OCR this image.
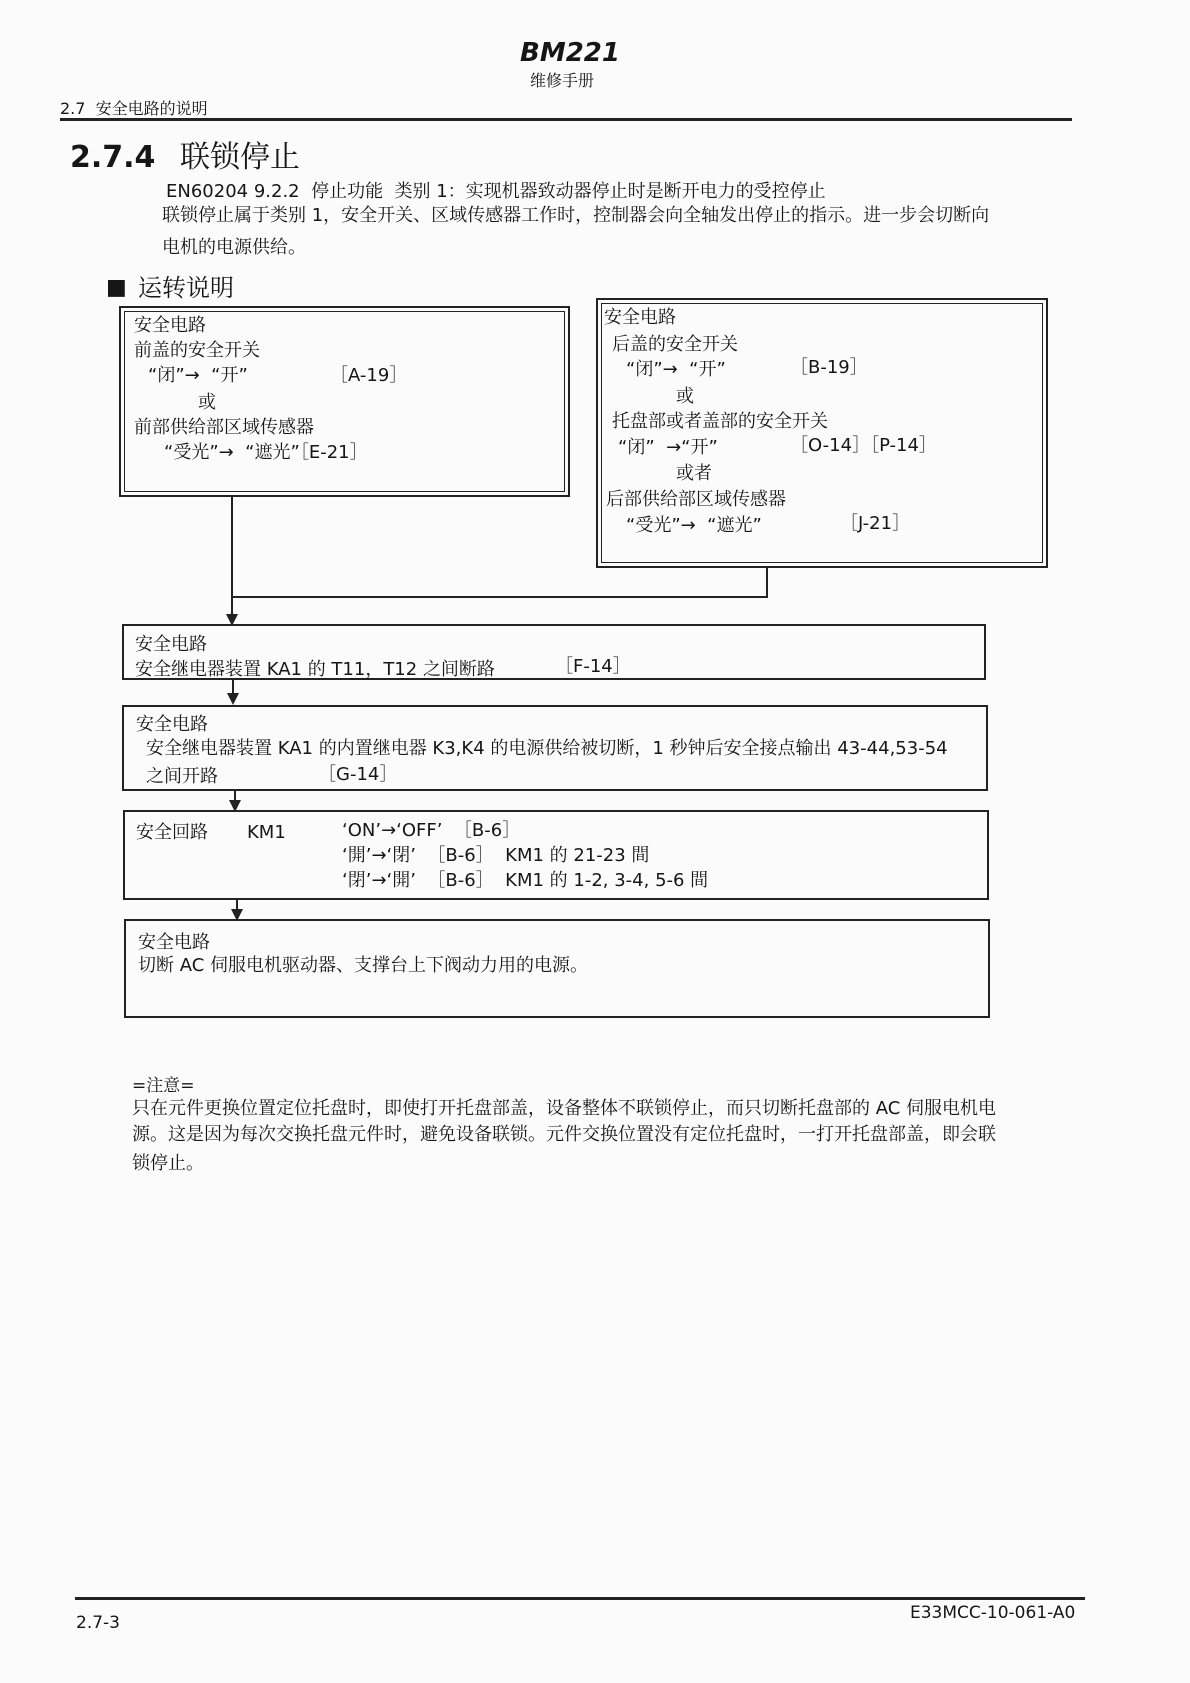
BM221
维修手册
2.7  安全电路的说明
2.7.4 联锁停止
EN60204 9.2.2  停止功能  类别 1：实现机器致动器停止时是断开电力的受控停止
联锁停止属于类别 1，安全开关、区域传感器工作时，控制器会向全轴发出停止的指示。进一步会切断向
电机的电源供给。
■ 运转说明
安全电路
前盖的安全开关
“闭”→  “开”	［A-19］
或
前部供给部区域传感器
“受光”→  “遮光”［E-21］
安全电路
后盖的安全开关
“闭”→  “开”	［B-19］
或
托盘部或者盖部的安全开关
“闭”  →“开”	［O-14］［P-14］
或者
后部供给部区域传感器
“受光”→  “遮光”	［J-21］
安全电路
安全继电器装置 KA1 的 T11，T12 之间断路	［F-14］
安全电路
安全继电器装置 KA1 的内置继电器 K3,K4 的电源供给被切断，1 秒钟后安全接点输出 43-44,53-54
之间开路	［G-14］
安全回路 KM1	‘ON’→‘OFF’  ［B-6］
‘開’→‘閉’  ［B-6］  KM1 的 21-23 間
‘閉’→‘開’  ［B-6］  KM1 的 1-2, 3-4, 5-6 間
安全电路
切断 AC 伺服电机驱动器、支撑台上下阀动力用的电源。
=注意=
只在元件更换位置定位托盘时，即使打开托盘部盖，设备整体不联锁停止，而只切断托盘部的 AC 伺服电机电
源。这是因为每次交换托盘元件时，避免设备联锁。元件交换位置没有定位托盘时，一打开托盘部盖，即会联
锁停止。
2.7-3	E33MCC-10-061-A0
